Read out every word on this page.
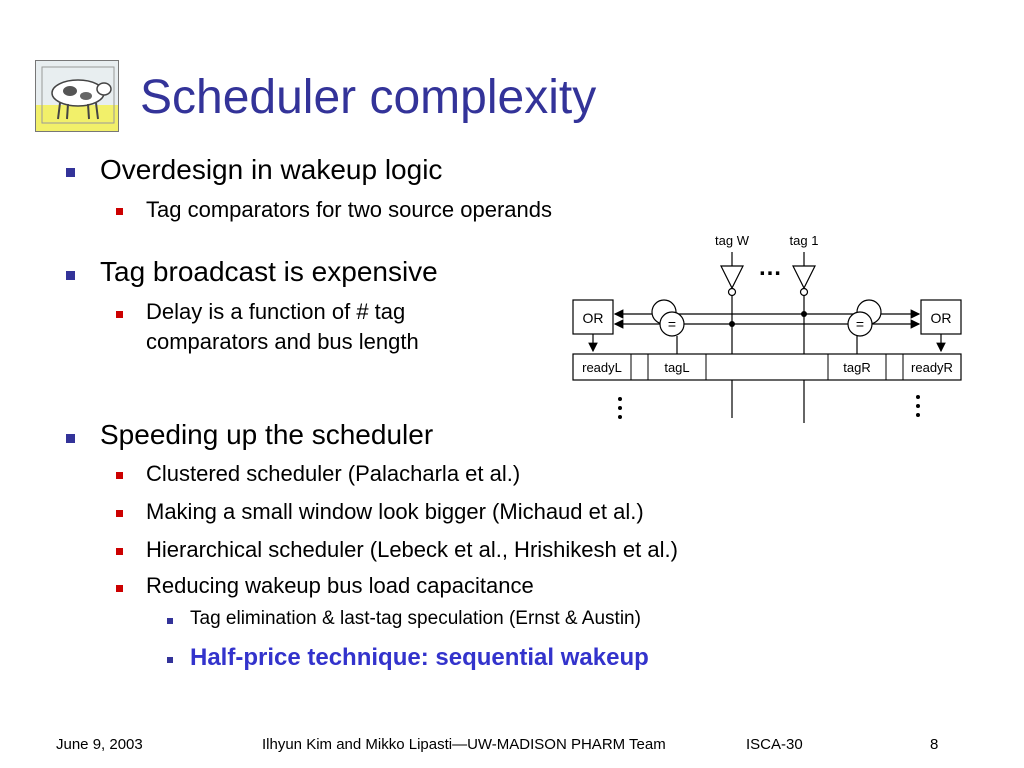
Scheduler complexity
Overdesign in wakeup logic
Tag comparators for two source operands
Tag broadcast is expensive
Delay is a function of # tag
comparators and bus length
Speeding up the scheduler
Clustered scheduler (Palacharla et al.)
Making a small window look bigger (Michaud et al.)
Hierarchical scheduler (Lebeck et al., Hrishikesh et al.)
Reducing wakeup bus load capacitance
Tag elimination & last-tag speculation (Ernst & Austin)
Half-price technique: sequential wakeup
tag W	tag 1
…
=	=
OR	OR
readyL	tagL	tagR	readyR
June 9, 2003	Ilhyun Kim and Mikko Lipasti—UW-MADISON PHARM Team	ISCA-30	8
